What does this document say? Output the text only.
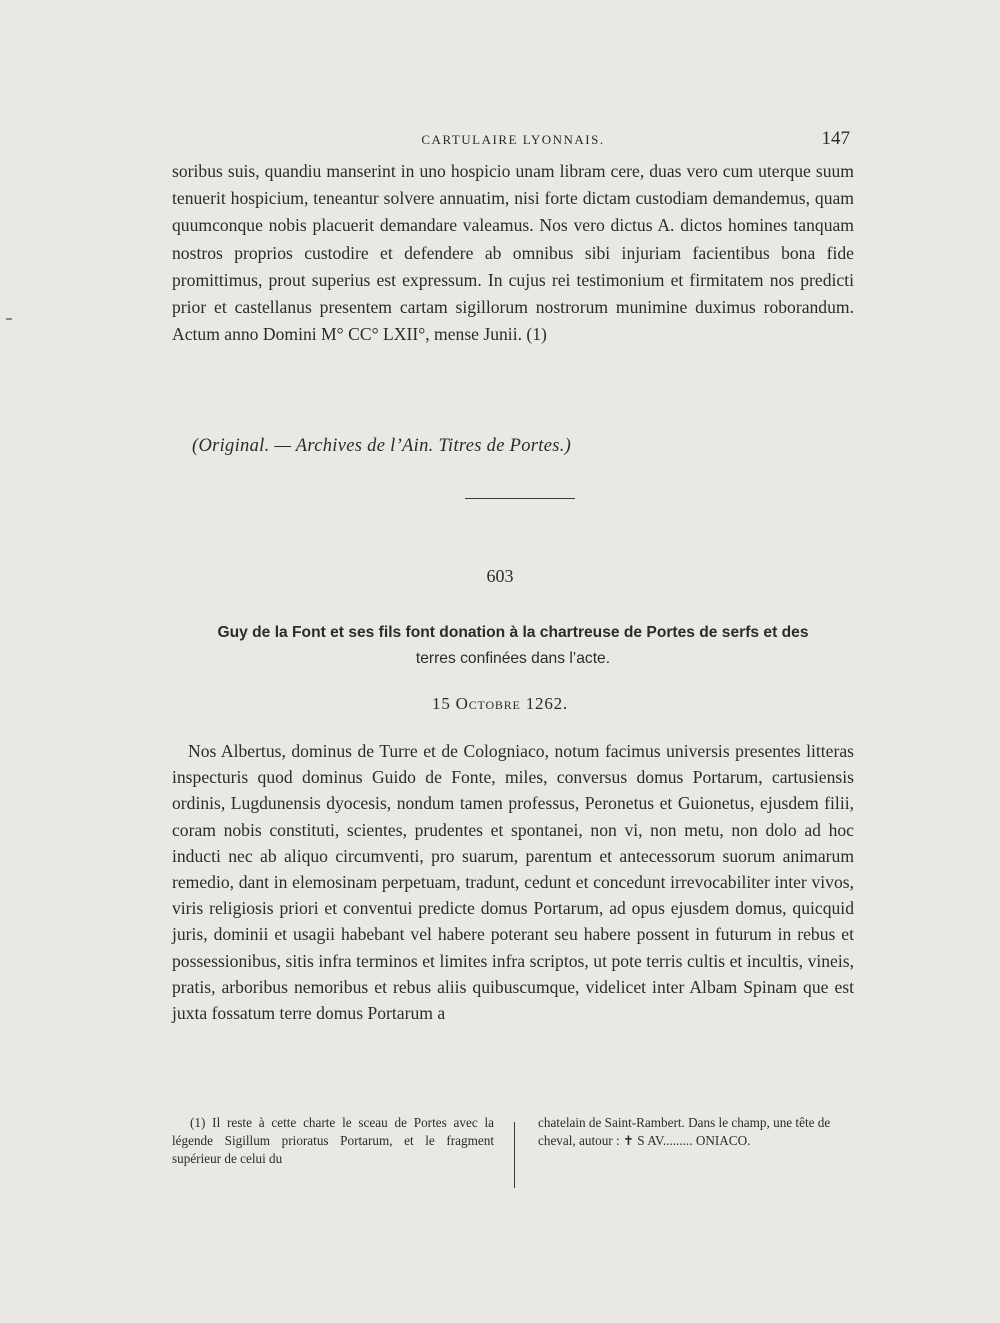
CARTULAIRE LYONNAIS.	147

soribus suis, quandiu manserint in uno hospicio unam libram cere, duas vero cum uterque suum tenuerit hospicium, teneantur solvere annuatim, nisi forte dictam custodiam demandemus, quam quumconque nobis placuerit demandare valeamus. Nos vero dictus A. dictos homines tanquam nostros proprios custodire et defendere ab omnibus sibi injuriam facientibus bona fide promittimus, prout superius est expressum. In cujus rei testimonium et firmitatem nos predicti prior et castellanus presentem cartam sigillorum nostrorum munimine duximus roborandum. Actum anno Domini M° CC° LXII°, mense Junii. (1)

(Original. — Archives de l’Ain. Titres de Portes.)
603
Guy de la Font et ses fils font donation à la chartreuse de Portes de serfs et des
terres confinées dans l’acte.
15 Octobre 1262.

Nos Albertus, dominus de Turre et de Cologniaco, notum facimus universis presentes litteras inspecturis quod dominus Guido de Fonte, miles, conversus domus Portarum, cartusiensis ordinis, Lugdunensis dyocesis, nondum tamen professus, Peronetus et Guionetus, ejusdem filii, coram nobis constituti, scientes, prudentes et spontanei, non vi, non metu, non dolo ad hoc inducti nec ab aliquo circumventi, pro suarum, parentum et antecessorum suorum animarum remedio, dant in elemosinam perpetuam, tradunt, cedunt et concedunt irrevocabiliter inter vivos, viris religiosis priori et conventui predicte domus Portarum, ad opus ejusdem domus, quicquid juris, dominii et usagii habebant vel habere poterant seu habere possent in futurum in rebus et possessionibus, sitis infra terminos et limites infra scriptos, ut pote terris cultis et incultis, vineis, pratis, arboribus nemoribus et rebus aliis quibuscumque, videlicet inter Albam Spinam que est juxta fossatum terre domus Portarum a

(1) Il reste à cette charte le sceau de Portes avec la légende Sigillum prioratus Portarum, et le fragment supérieur de celui du

chatelain de Saint-Rambert. Dans le champ, une tête de cheval, autour : ✝ S AV......... ONIACO.
